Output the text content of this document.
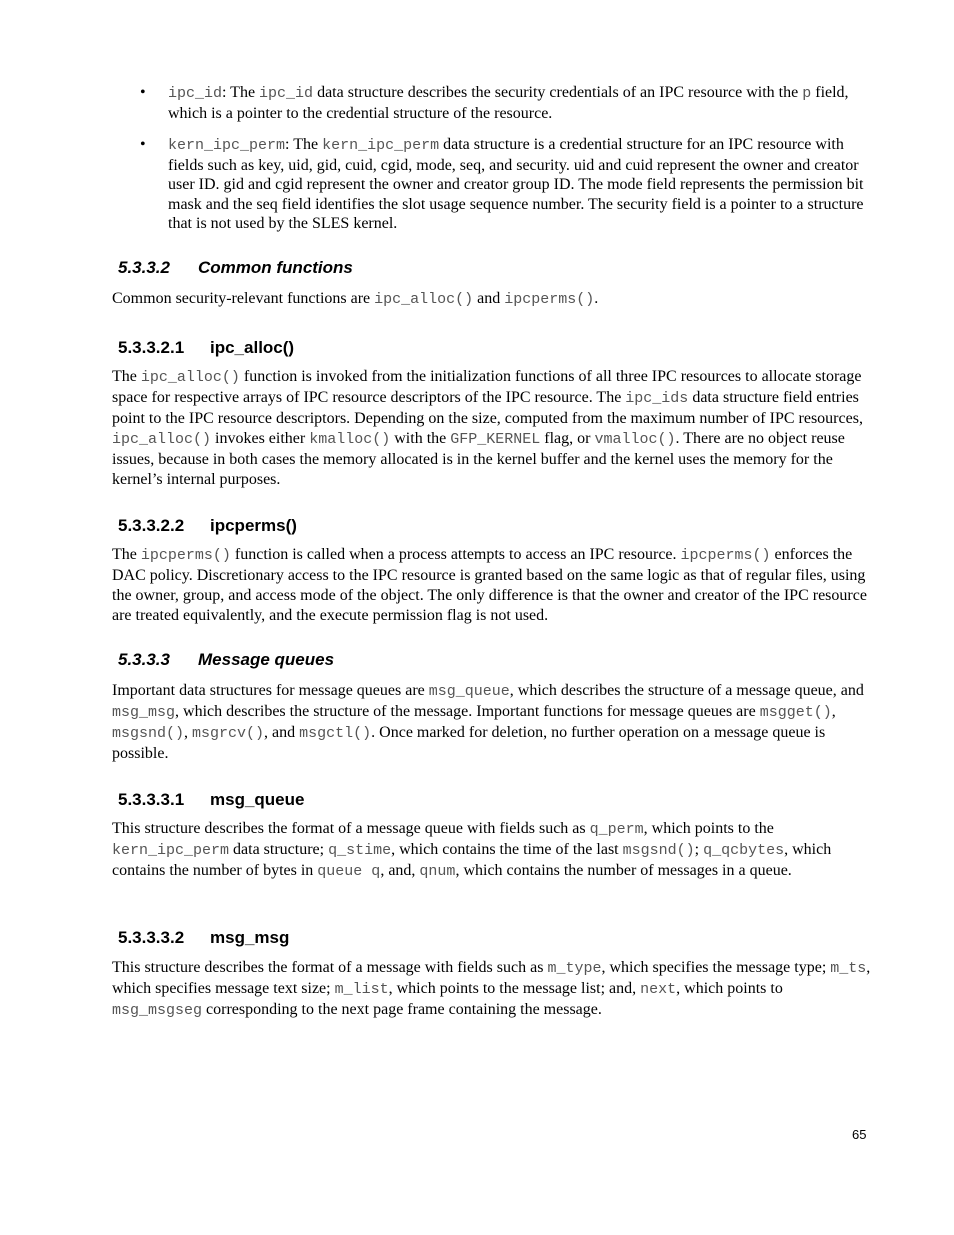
• ipc_id: The ipc_id data structure describes the security credentials of an IPC resource with the p field, which is a pointer to the credential structure of the resource.
• kern_ipc_perm: The kern_ipc_perm data structure is a credential structure for an IPC resource with fields such as key, uid, gid, cuid, cgid, mode, seq, and security. uid and cuid represent the owner and creator user ID. gid and cgid represent the owner and creator group ID. The mode field represents the permission bit mask and the seq field identifies the slot usage sequence number. The security field is a pointer to a structure that is not used by the SLES kernel.
5.3.3.2 Common functions

Common security-relevant functions are ipc_alloc() and ipcperms().

5.3.3.2.1 ipc_alloc()

The ipc_alloc() function is invoked from the initialization functions of all three IPC resources to allocate storage space for respective arrays of IPC resource descriptors of the IPC resource. The ipc_ids data structure field entries point to the IPC resource descriptors. Depending on the size, computed from the maximum number of IPC resources, ipc_alloc() invokes either kmalloc() with the GFP_KERNEL flag, or vmalloc(). There are no object reuse issues, because in both cases the memory allocated is in the kernel buffer and the kernel uses the memory for the kernel’s internal purposes.

5.3.3.2.2 ipcperms()

The ipcperms() function is called when a process attempts to access an IPC resource. ipcperms() enforces the DAC policy. Discretionary access to the IPC resource is granted based on the same logic as that of regular files, using the owner, group, and access mode of the object. The only difference is that the owner and creator of the IPC resource are treated equivalently, and the execute permission flag is not used.

5.3.3.3 Message queues

Important data structures for message queues are msg_queue, which describes the structure of a message queue, and msg_msg, which describes the structure of the message. Important functions for message queues are msgget(), msgsnd(), msgrcv(), and msgctl(). Once marked for deletion, no further operation on a message queue is possible.

5.3.3.3.1 msg_queue

This structure describes the format of a message queue with fields such as q_perm, which points to the kern_ipc_perm data structure; q_stime, which contains the time of the last msgsnd(); q_qcbytes, which contains the number of bytes in queue q, and, qnum, which contains the number of messages in a queue.

5.3.3.3.2 msg_msg

This structure describes the format of a message with fields such as m_type, which specifies the message type; m_ts, which specifies message text size; m_list, which points to the message list; and, next, which points to msg_msgseg corresponding to the next page frame containing the message.

65
